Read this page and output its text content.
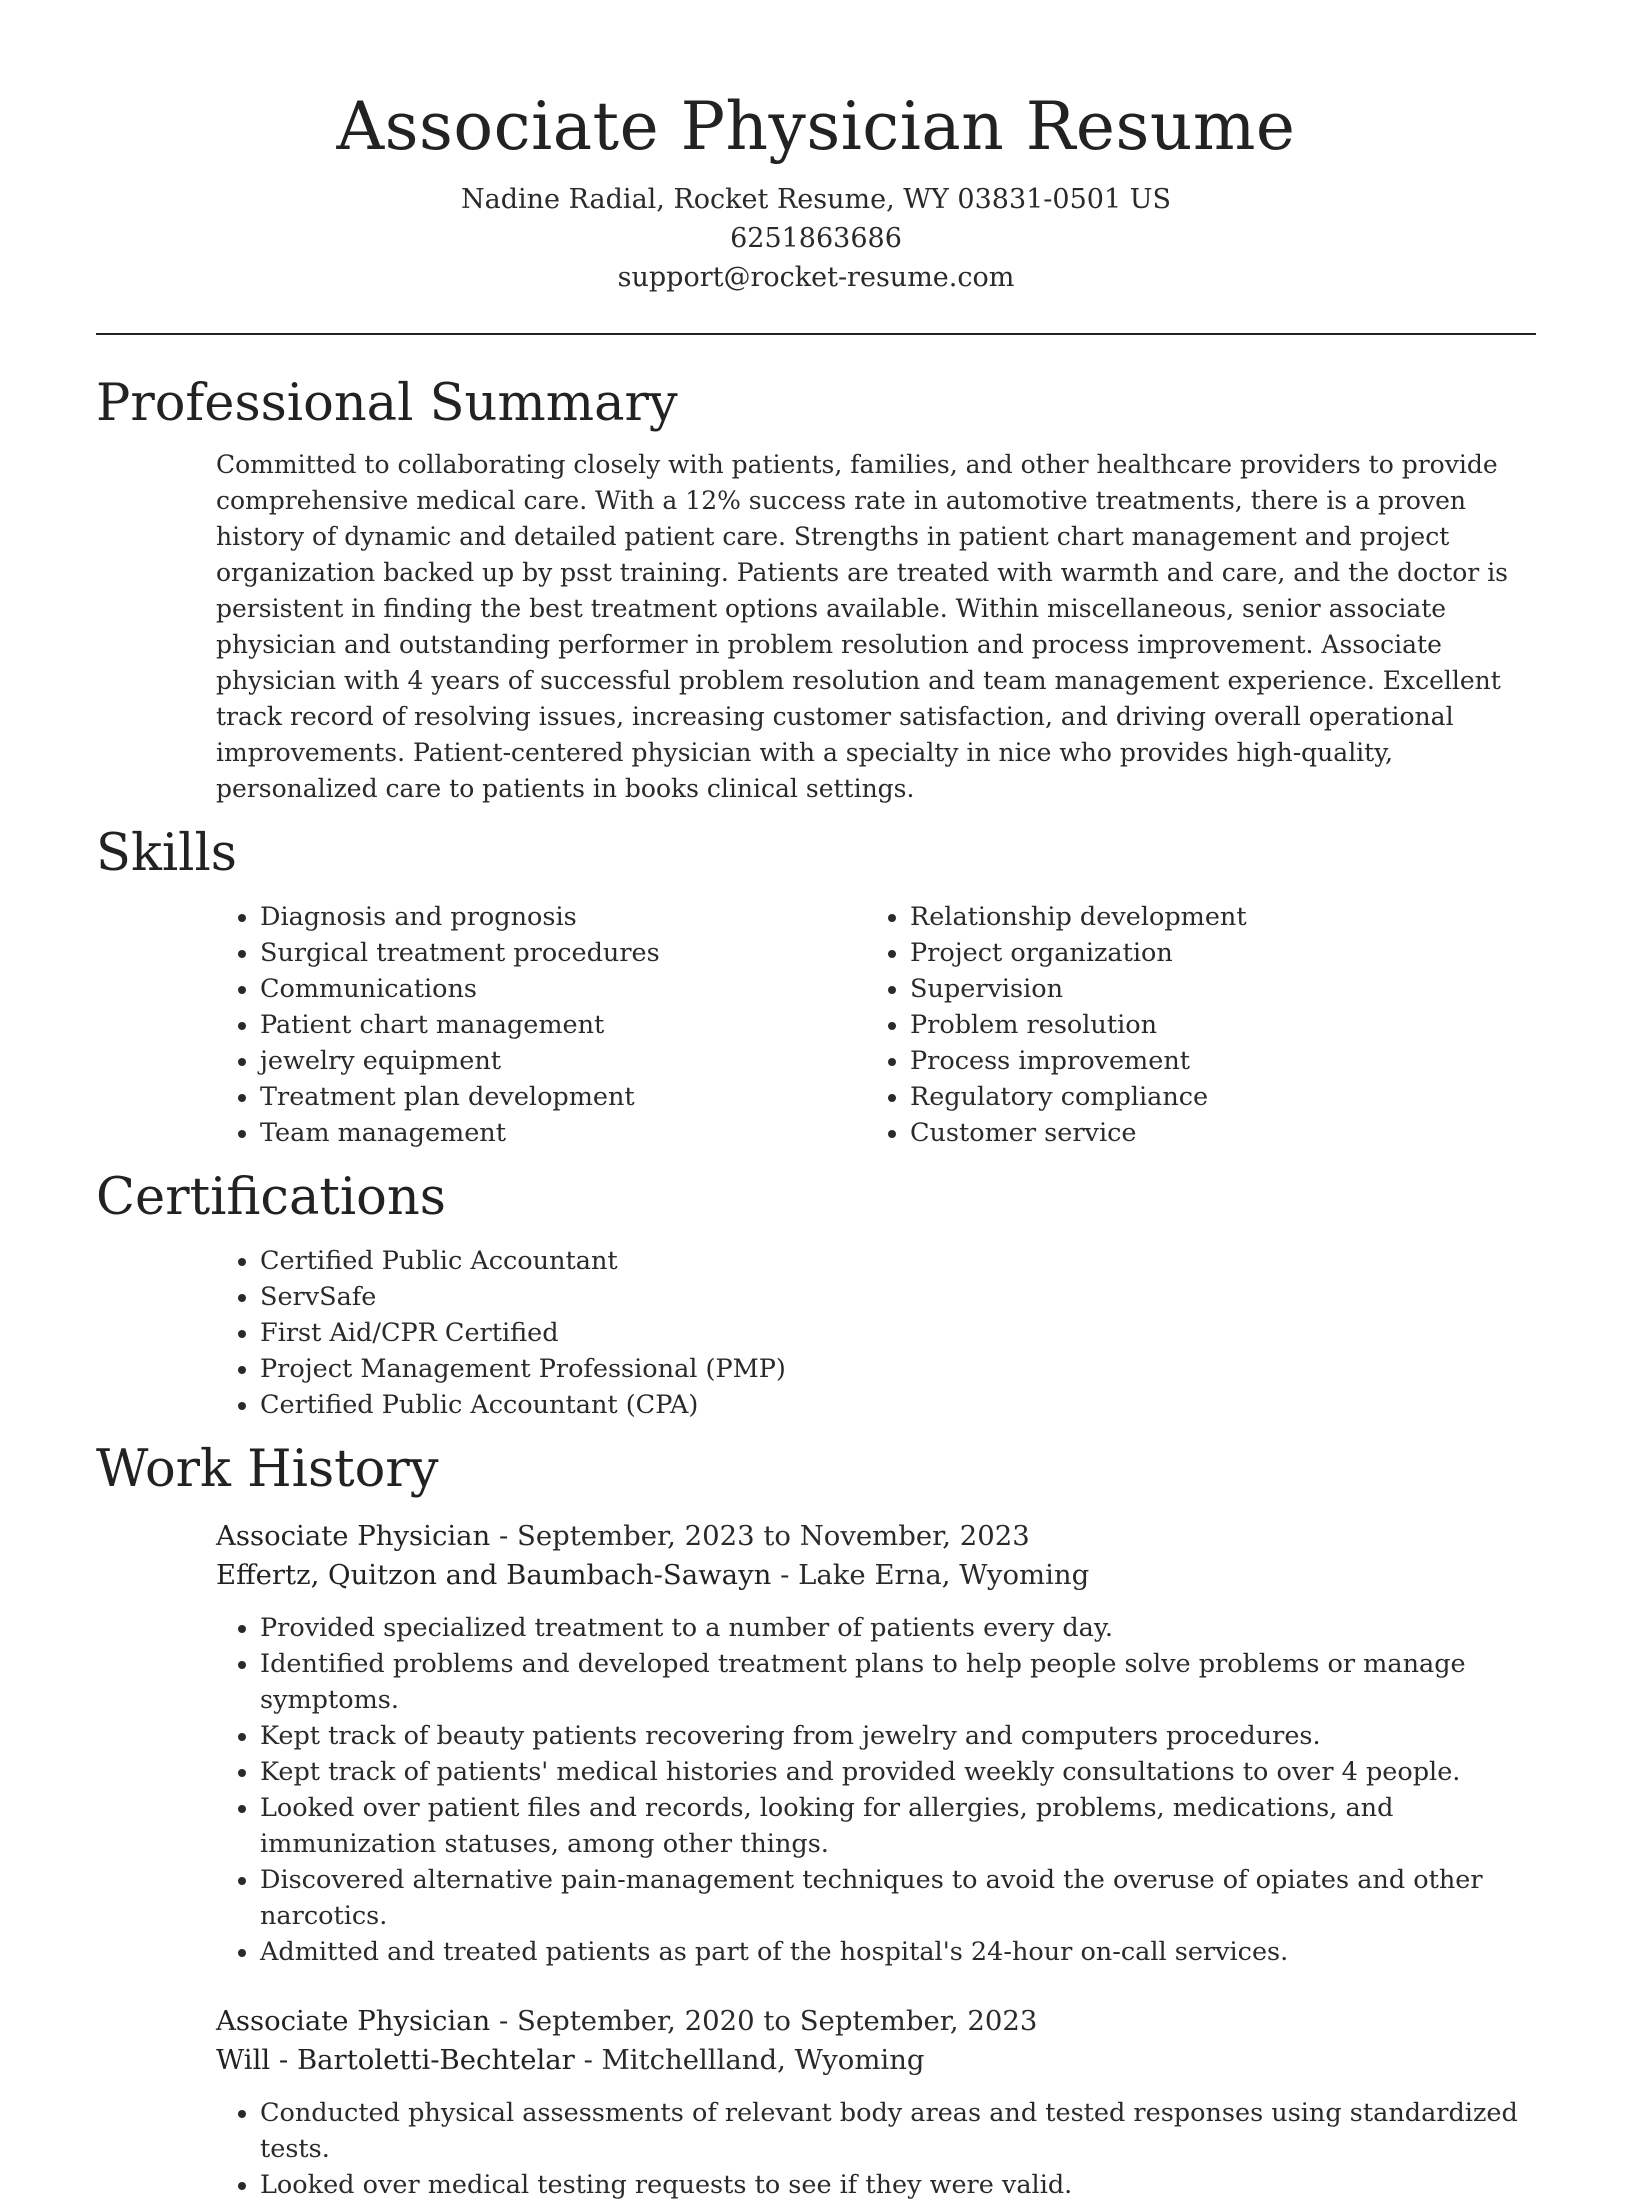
Associate Physician Resume
Nadine Radial, Rocket Resume, WY 03831-0501 US
6251863686
support@rocket-resume.com
Professional Summary

Committed to collaborating closely with patients, families, and other healthcare providers to provide comprehensive medical care. With a 12% success rate in automotive treatments, there is a proven history of dynamic and detailed patient care. Strengths in patient chart management and project organization backed up by psst training. Patients are treated with warmth and care, and the doctor is persistent in finding the best treatment options available. Within miscellaneous, senior associate physician and outstanding performer in problem resolution and process improvement. Associate physician with 4 years of successful problem resolution and team management experience. Excellent track record of resolving issues, increasing customer satisfaction, and driving overall operational improvements. Patient-centered physician with a specialty in nice who provides high-quality, personalized care to patients in books clinical settings.

Skills
• Diagnosis and prognosis
• Surgical treatment procedures
• Communications
• Patient chart management
• jewelry equipment
• Treatment plan development
• Team management
• Relationship development
• Project organization
• Supervision
• Problem resolution
• Process improvement
• Regulatory compliance
• Customer service
Certifications
• Certified Public Accountant
• ServSafe
• First Aid/CPR Certified
• Project Management Professional (PMP)
• Certified Public Accountant (CPA)
Work History
Associate Physician - September, 2023 to November, 2023
Effertz, Quitzon and Baumbach-Sawayn - Lake Erna, Wyoming
• Provided specialized treatment to a number of patients every day.
• Identified problems and developed treatment plans to help people solve problems or manage symptoms.
• Kept track of beauty patients recovering from jewelry and computers procedures.
• Kept track of patients' medical histories and provided weekly consultations to over 4 people.
• Looked over patient files and records, looking for allergies, problems, medications, and immunization statuses, among other things.
• Discovered alternative pain-management techniques to avoid the overuse of opiates and other narcotics.
• Admitted and treated patients as part of the hospital's 24-hour on-call services.
Associate Physician - September, 2020 to September, 2023
Will - Bartoletti-Bechtelar - Mitchellland, Wyoming
• Conducted physical assessments of relevant body areas and tested responses using standardized tests.
• Looked over medical testing requests to see if they were valid.
